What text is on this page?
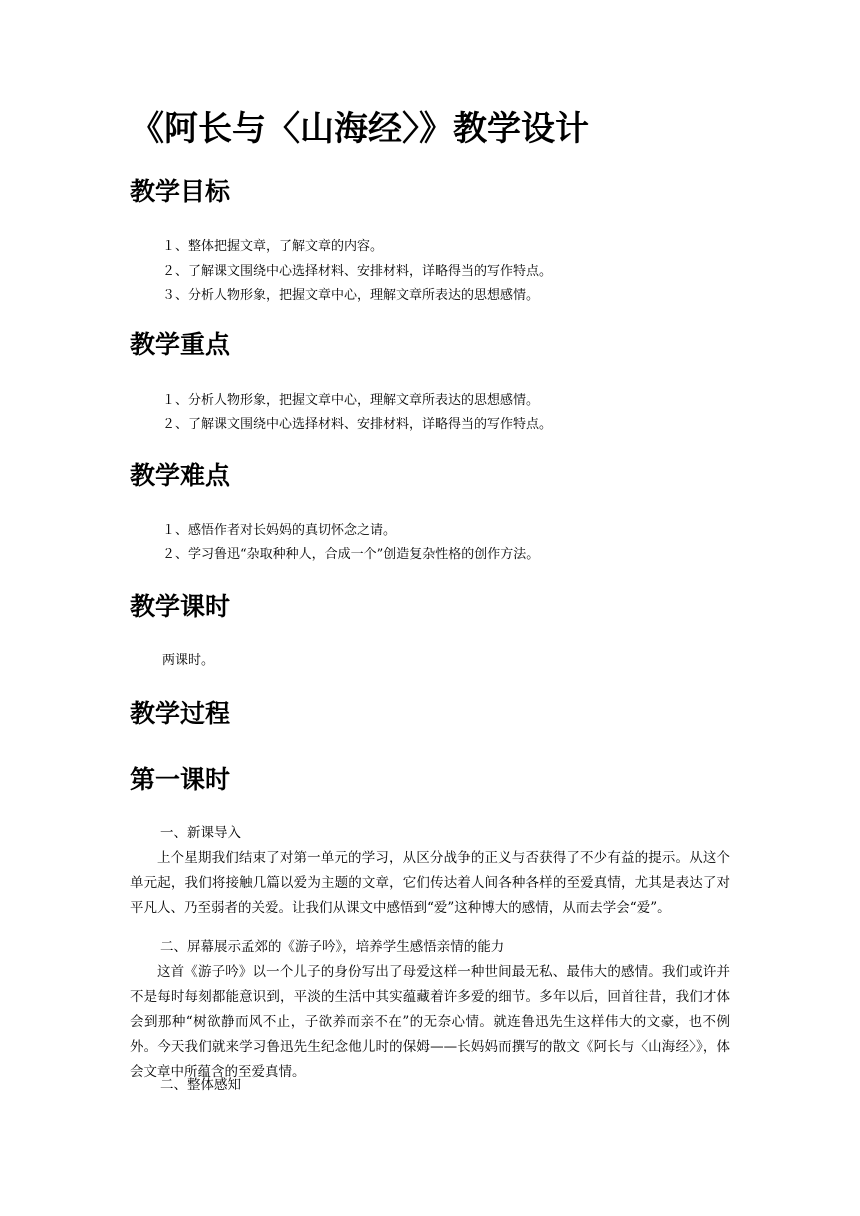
《阿长与〈山海经〉》教学设计
教学目标
１、整体把握文章，了解文章的内容。
２、了解课文围绕中心选择材料、安排材料，详略得当的写作特点。
３、分析人物形象，把握文章中心，理解文章所表达的思想感情。
教学重点
１、分析人物形象，把握文章中心，理解文章所表达的思想感情。
２、了解课文围绕中心选择材料、安排材料，详略得当的写作特点。
教学难点
１、感悟作者对长妈妈的真切怀念之请。
２、学习鲁迅“杂取种种人，合成一个”创造复杂性格的创作方法。
教学课时
两课时。
教学过程
第一课时
一、新课导入
上个星期我们结束了对第一单元的学习，从区分战争的正义与否获得了不少有益的提示。从这个单元起，我们将接触几篇以爱为主题的文章，它们传达着人间各种各样的至爱真情，尤其是表达了对平凡人、乃至弱者的关爱。让我们从课文中感悟到“爱”这种博大的感情，从而去学会“爱”。
二、屏幕展示孟郊的《游子吟》，培养学生感悟亲情的能力
这首《游子吟》以一个儿子的身份写出了母爱这样一种世间最无私、最伟大的感情。我们或许并不是每时每刻都能意识到，平淡的生活中其实蕴藏着许多爱的细节。多年以后，回首往昔，我们才体会到那种“树欲静而风不止，子欲养而亲不在”的无奈心情。就连鲁迅先生这样伟大的文豪，也不例外。今天我们就来学习鲁迅先生纪念他儿时的保姆——长妈妈而撰写的散文《阿长与〈山海经〉》，体会文章中所蕴含的至爱真情。
二、整体感知
